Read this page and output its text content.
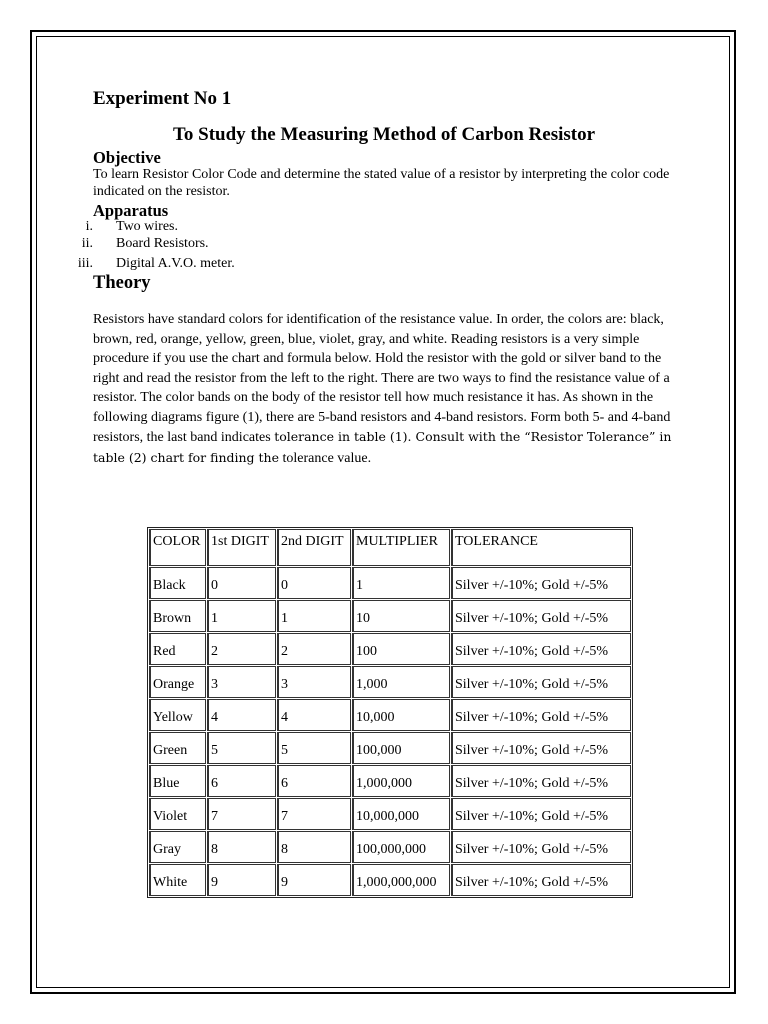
Experiment No 1
To Study the Measuring Method of Carbon Resistor
Objective
To learn Resistor Color Code and determine the stated value of a resistor by interpreting the color code indicated on the resistor.
Apparatus
i. Two wires.
ii. Board Resistors.
iii. Digital A.V.O. meter.
Theory
Resistors have standard colors for identification of the resistance value. In order, the colors are: black, brown, red, orange, yellow, green, blue, violet, gray, and white. Reading resistors is a very simple procedure if you use the chart and formula below. Hold the resistor with the gold or silver band to the right and read the resistor from the left to the right. There are two ways to find the resistance value of a resistor. The color bands on the body of the resistor tell how much resistance it has. As shown in the following diagrams figure (1), there are 5-band resistors and 4-band resistors. Form both 5- and 4-band resistors, the last band indicates tolerance in table (1). Consult with the “Resistor Tolerance” in table (2) chart for finding the tolerance value.
COLOR	1st DIGIT	2nd DIGIT	MULTIPLIER	TOLERANCE
Black	0	0	1	Silver +/-10%; Gold +/-5%
Brown	1	1	10	Silver +/-10%; Gold +/-5%
Red	2	2	100	Silver +/-10%; Gold +/-5%
Orange	3	3	1,000	Silver +/-10%; Gold +/-5%
Yellow	4	4	10,000	Silver +/-10%; Gold +/-5%
Green	5	5	100,000	Silver +/-10%; Gold +/-5%
Blue	6	6	1,000,000	Silver +/-10%; Gold +/-5%
Violet	7	7	10,000,000	Silver +/-10%; Gold +/-5%
Gray	8	8	100,000,000	Silver +/-10%; Gold +/-5%
White	9	9	1,000,000,000	Silver +/-10%; Gold +/-5%
